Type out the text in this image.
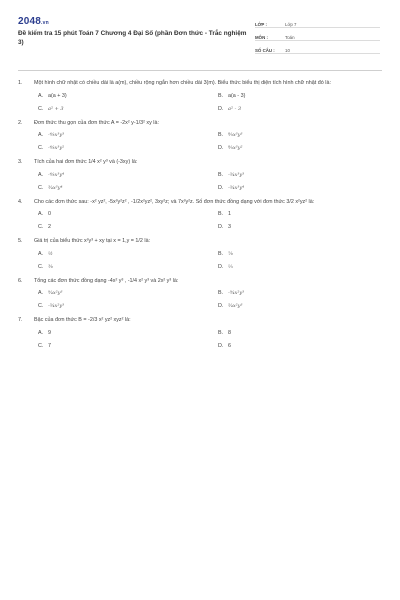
2048.vn
Đề kiểm tra 15 phút Toán 7 Chương 4 Đại Số (phần Đơn thức - Trắc nghiệm 3)
LỚP :	Lớp 7
MÔN :	Toán
SỐ CÂU :	10
1.	Một hình chữ nhật có chiều dài là a(m), chiều rộng ngắn hơn chiều dài 3(m). Biểu thức biểu thị diện tích hình chữ nhật đó là:
A. a(a + 3)	B. a(a - 3)
C. a² + 3	D. a² - 3
2.	Đơn thức thu gọn của đơn thức A = -2x² y-1/3² xy là:
A. -⁴⁄₃x³y³	B. ⁸⁄₃x³y³
C. -⁴⁄₃x³y²	D. ⁸⁄₃x³y²
3.	Tích của hai đơn thức 1/4 x² y³ và (-3xy) là:
A. -⁴⁄₃x³y⁴	B. -³⁄₄x³y³
C. ³⁄₄x³y⁴	D. -³⁄₄x³y⁴
4.	Cho các đơn thức sau: -x² yz², -5x²y²z² , -1/2x²yz², 3xy²z; và 7x²y²z. Số đơn thức đồng dạng với đơn thức 3/2 x²yz² là:
A. 0	B. 1
C. 2	D. 3
5.	Giá trị của biểu thức x²y³ + xy tại x = 1,y = 1/2 là:
A. ½	B. ⅝
C. ⅜	D. ⅓
6.	Tổng các đơn thức đồng dạng -4x² y³ , -1/4 x² y³ và 2x² y³ là:
A. ⁹⁄₄x²y³	B. -⁹⁄₄x²y³
C. -⁵⁄₄x²y³	D. ⁵⁄₄x²y³
7.	Bậc của đơn thức B = -2/3 x² yz² xyz² là:
A. 9	B. 8
C. 7	D. 6
